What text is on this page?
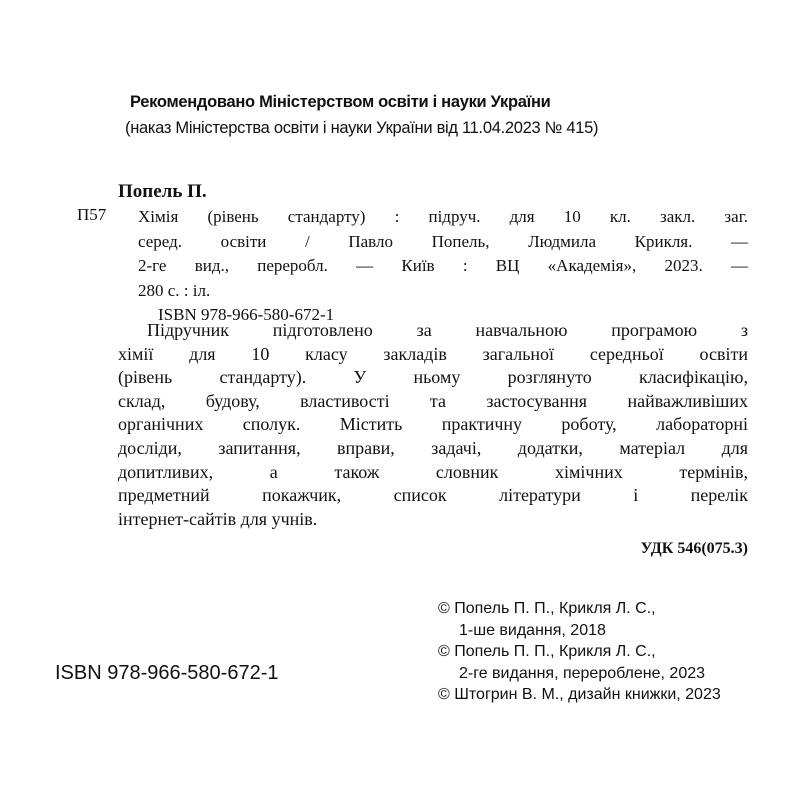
Рекомендовано Міністерством освіти і науки України
(наказ Міністерства освіти і науки України від 11.04.2023 № 415)
Попель П.
П57	Хімія (рівень стандарту) : підруч. для 10 кл. закл. заг.
серед. освіти / Павло Попель, Людмила Крикля. —
2-ге вид., переробл. — Київ : ВЦ «Академія», 2023. —
280 с. : іл.
ISBN 978-966-580-672-1
Підручник підготовлено за навчальною програмою з
хімії для 10 класу закладів загальної середньої освіти
(рівень стандарту). У ньому розглянуто класифікацію,
склад, будову, властивості та застосування найважливіших
органічних сполук. Містить практичну роботу, лабораторні
досліди, запитання, вправи, задачі, додатки, матеріал для
допитливих, а також словник хімічних термінів,
предметний покажчик, список літератури і перелік
інтернет-сайтів для учнів.
УДК 546(075.3)
© Попель П. П., Крикля Л. С.,
1-ше видання, 2018
© Попель П. П., Крикля Л. С.,
2-ге видання, перероблене, 2023
© Штогрин В. М., дизайн книжки, 2023
ISBN 978-966-580-672-1
